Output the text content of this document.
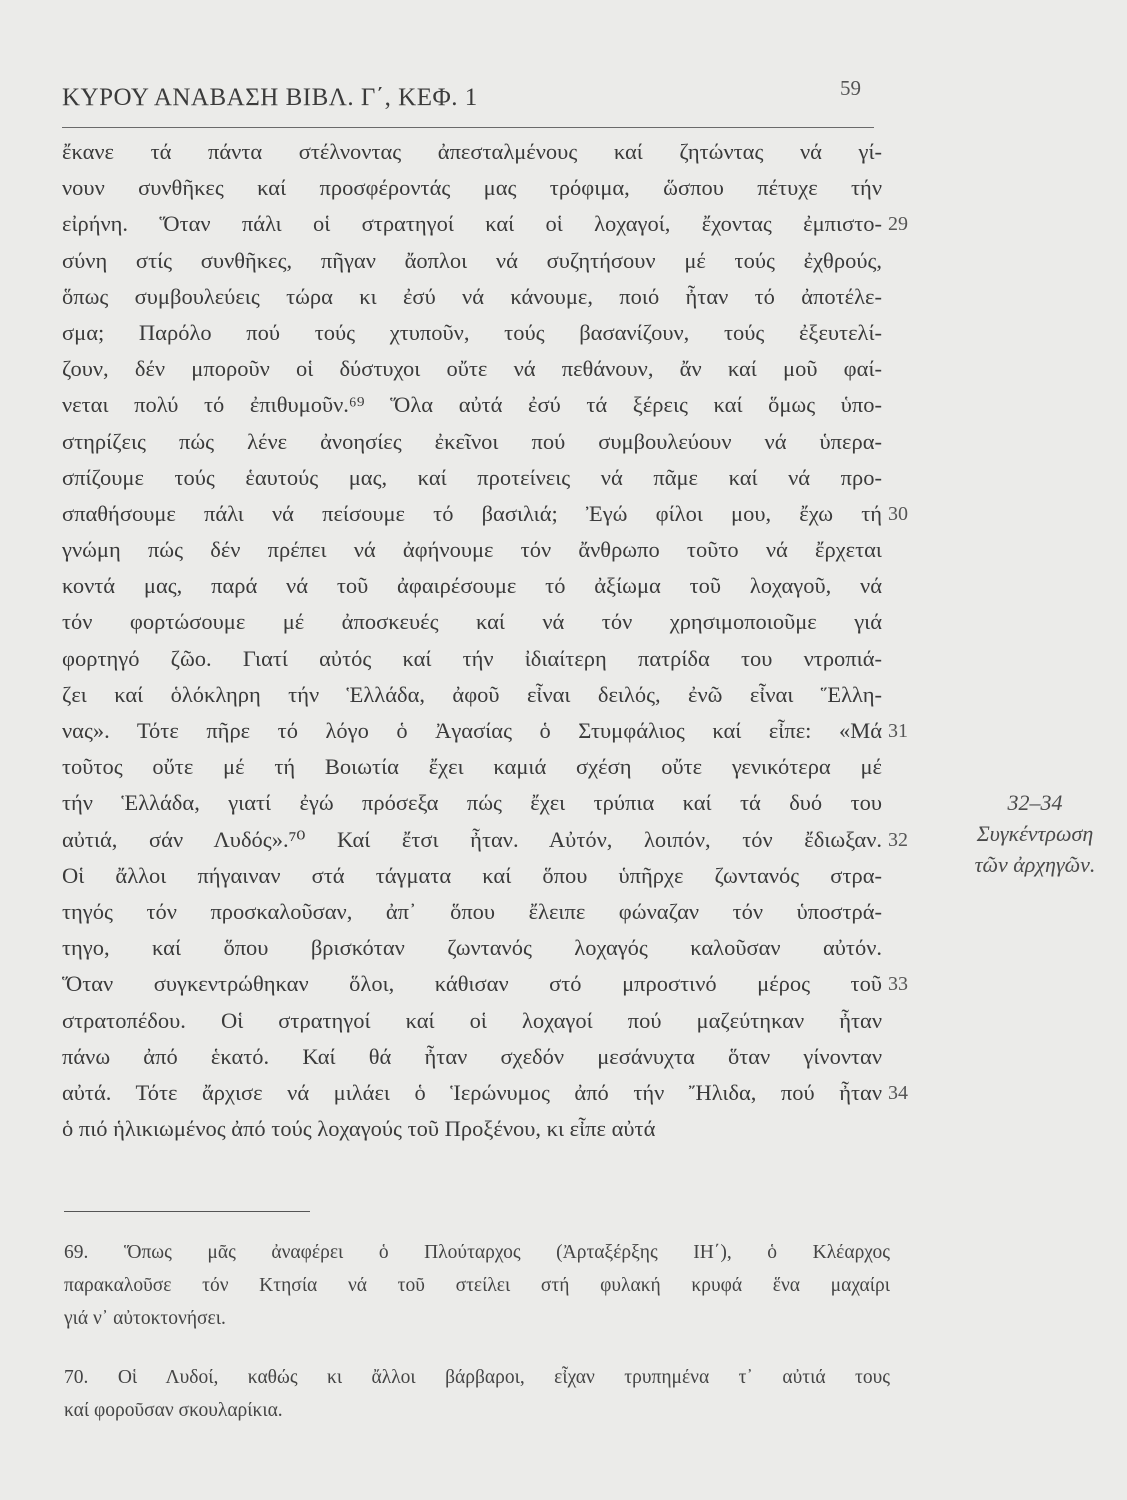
ΚΥΡΟΥ ΑΝΑΒΑΣΗ ΒΙΒΛ. Γ΄, ΚΕΦ. 1	59
ἔκανε τά πάντα στέλνοντας ἀπεσταλμένους καί ζητώντας νά γί-
νουν συνθῆκες καί προσφέροντάς μας τρόφιμα, ὥσπου πέτυχε τήν
εἰρήνη. Ὅταν πάλι οἱ στρατηγοί καί οἱ λοχαγοί, ἔχοντας ἐμπιστο- 29
σύνη στίς συνθῆκες, πῆγαν ἄοπλοι νά συζητήσουν μέ τούς ἐχθρούς,
ὅπως συμβουλεύεις τώρα κι ἐσύ νά κάνουμε, ποιό ἦταν τό ἀποτέλε-
σμα; Παρόλο πού τούς χτυποῦν, τούς βασανίζουν, τούς ἐξευτελί-
ζουν, δέν μποροῦν οἱ δύστυχοι οὔτε νά πεθάνουν, ἄν καί μοῦ φαί-
νεται πολύ τό ἐπιθυμοῦν.⁶⁹ Ὅλα αὐτά ἐσύ τά ξέρεις καί ὅμως ὑπο-
στηρίζεις πώς λένε ἀνοησίες ἐκεῖνοι πού συμβουλεύουν νά ὑπερα-
σπίζουμε τούς ἑαυτούς μας, καί προτείνεις νά πᾶμε καί νά προ-
σπαθήσουμε πάλι νά πείσουμε τό βασιλιά; Ἐγώ φίλοι μου, ἔχω τή 30
γνώμη πώς δέν πρέπει νά ἀφήνουμε τόν ἄνθρωπο τοῦτο νά ἔρχεται
κοντά μας, παρά νά τοῦ ἀφαιρέσουμε τό ἀξίωμα τοῦ λοχαγοῦ, νά
τόν φορτώσουμε μέ ἀποσκευές καί νά τόν χρησιμοποιοῦμε γιά
φορτηγό ζῶο. Γιατί αὐτός καί τήν ἰδιαίτερη πατρίδα του ντροπιά-
ζει καί ὁλόκληρη τήν Ἑλλάδα, ἀφοῦ εἶναι δειλός, ἐνῶ εἶναι Ἕλλη-
νας». Τότε πῆρε τό λόγο ὁ Ἀγασίας ὁ Στυμφάλιος καί εἶπε: «Μά 31
τοῦτος οὔτε μέ τή Βοιωτία ἔχει καμιά σχέση οὔτε γενικότερα μέ
τήν Ἑλλάδα, γιατί ἐγώ πρόσεξα πώς ἔχει τρύπια καί τά δυό του
αὐτιά, σάν Λυδός».⁷⁰ Καί ἔτσι ἦταν. Αὐτόν, λοιπόν, τόν ἔδιωξαν. 32
Οἱ ἄλλοι πήγαιναν στά τάγματα καί ὅπου ὑπῆρχε ζωντανός στρα-
τηγός τόν προσκαλοῦσαν, ἀπ᾿ ὅπου ἔλειπε φώναζαν τόν ὑποστρά-
τηγο, καί ὅπου βρισκόταν ζωντανός λοχαγός καλοῦσαν αὐτόν.
Ὅταν συγκεντρώθηκαν ὅλοι, κάθισαν στό μπροστινό μέρος τοῦ 33
στρατοπέδου. Οἱ στρατηγοί καί οἱ λοχαγοί πού μαζεύτηκαν ἦταν
πάνω ἀπό ἑκατό. Καί θά ἦταν σχεδόν μεσάνυχτα ὅταν γίνονταν
αὐτά. Τότε ἄρχισε νά μιλάει ὁ Ἱερώνυμος ἀπό τήν Ἤλιδα, πού ἦταν 34
ὁ πιό ἡλικιωμένος ἀπό τούς λοχαγούς τοῦ Προξένου, κι εἶπε αὐτά
32–34
Συγκέντρωση
τῶν ἀρχηγῶν.
69. Ὅπως μᾶς ἀναφέρει ὁ Πλούταρχος (Ἀρταξέρξης ΙΗ΄), ὁ Κλέαρχος
παρακαλοῦσε τόν Κτησία νά τοῦ στείλει στή φυλακή κρυφά ἕνα μαχαίρι
γιά ν᾿ αὐτοκτονήσει.
70. Οἱ Λυδοί, καθώς κι ἄλλοι βάρβαροι, εἶχαν τρυπημένα τ᾿ αὐτιά τους
καί φοροῦσαν σκουλαρίκια.
